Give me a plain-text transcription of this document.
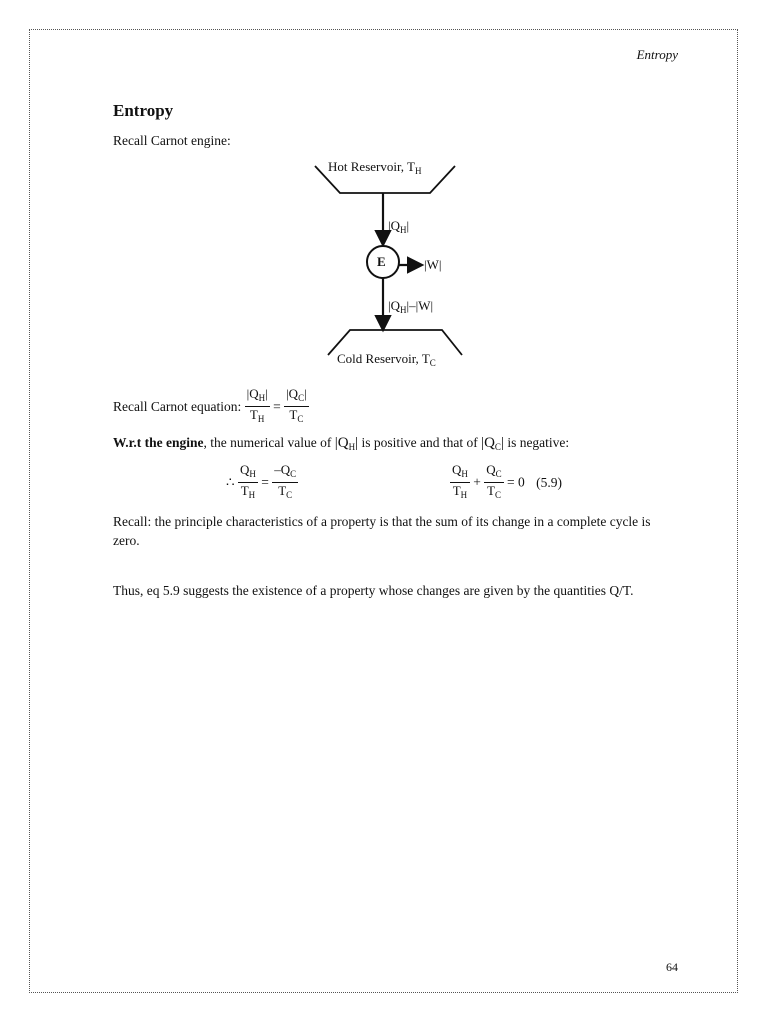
Entropy
Entropy
Recall Carnot engine:
Hot Reservoir, $T_H$
$|Q_H|$
E	|W|
$|Q_H|-|W|$
Cold Reservoir, $T_C$
Recall Carnot equation: $\frac{|Q_H|}{T_H} = \frac{|Q_C|}{T_C}$
W.r.t the engine, the numerical value of $|Q_H|$ is positive and that of $|Q_C|$ is negative:
∴ $\frac{Q_H}{T_H} = \frac{-Q_C}{T_C}$	$\frac{Q_H}{T_H} + \frac{Q_C}{T_C} = 0$ (5.9)
Recall: the principle characteristics of a property is that the sum of its change in a complete cycle is zero.
Thus, eq 5.9 suggests the existence of a property whose changes are given by the quantities Q/T.
64
